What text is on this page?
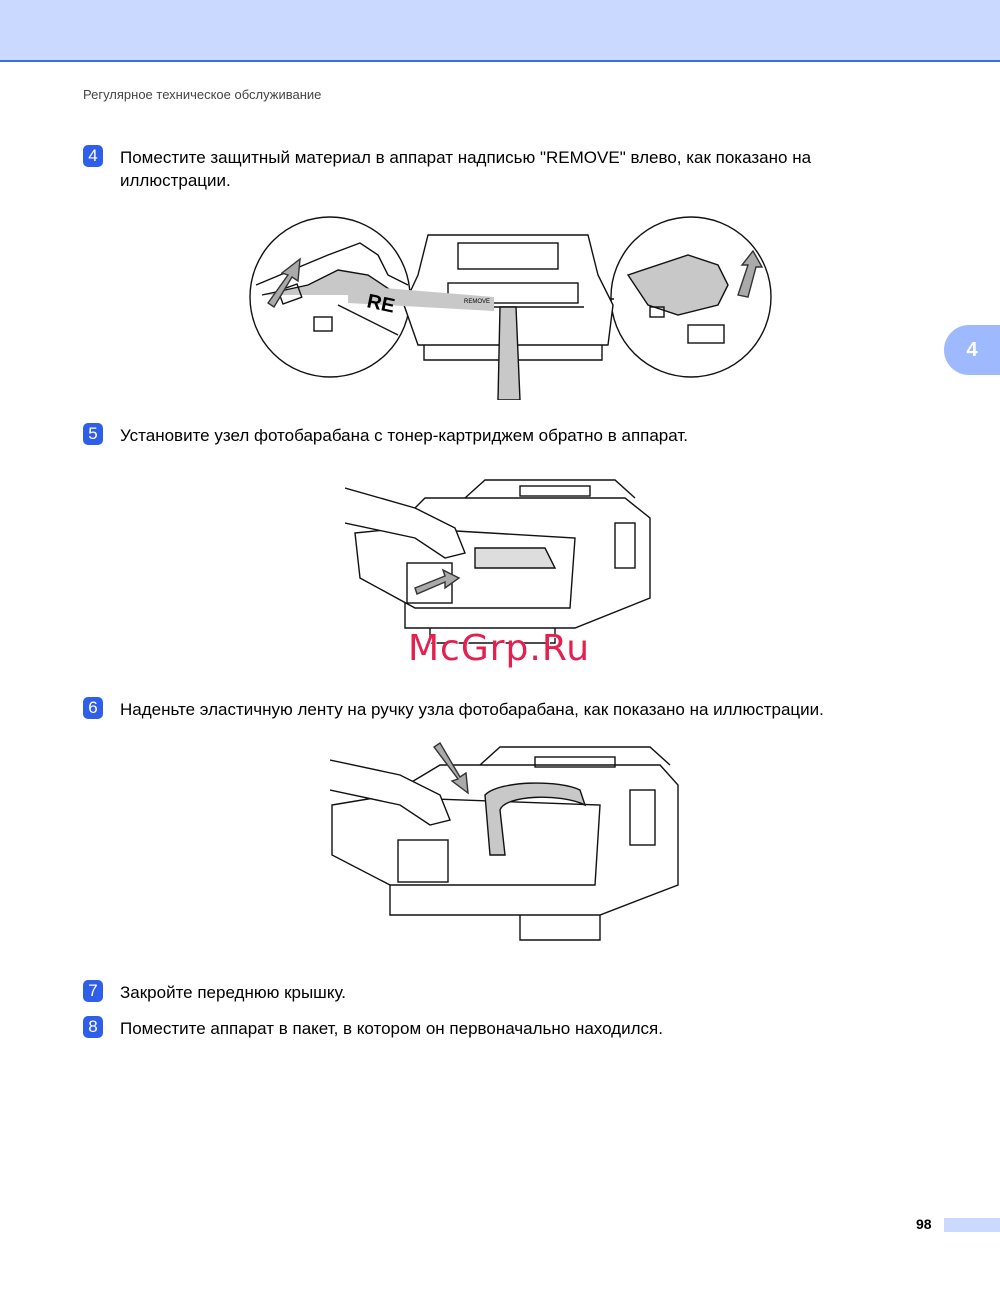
Регулярное техническое обслуживание
4
4	Поместите защитный материал в аппарат надписью "REMOVE" влево, как показано на иллюстрации.
RE	REMOVE
5	Установите узел фотобарабана с тонер-картриджем обратно в аппарат.
McGrp.Ru
6	Наденьте эластичную ленту на ручку узла фотобарабана, как показано на иллюстрации.
7	Закройте переднюю крышку.
8	Поместите аппарат в пакет, в котором он первоначально находился.
98
